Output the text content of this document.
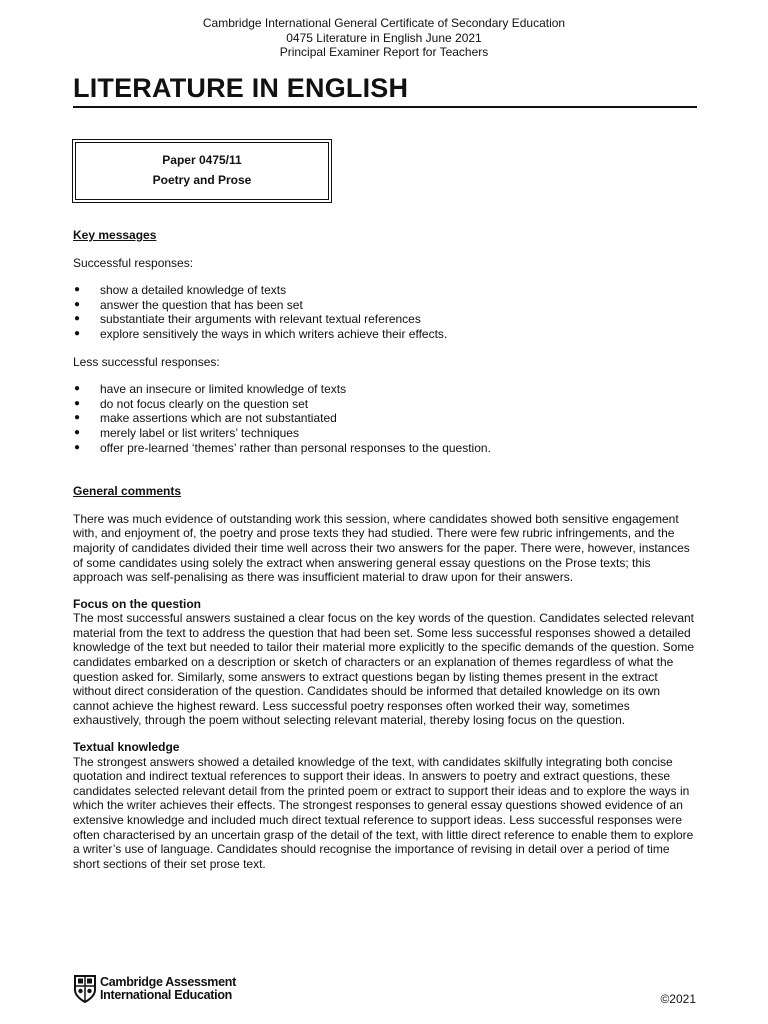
Cambridge International General Certificate of Secondary Education
0475 Literature in English June 2021
Principal Examiner Report for Teachers
LITERATURE IN ENGLISH
Paper 0475/11
Poetry and Prose

Key messages

Successful responses:

● show a detailed knowledge of texts
● answer the question that has been set
● substantiate their arguments with relevant textual references
● explore sensitively the ways in which writers achieve their effects.

Less successful responses:

● have an insecure or limited knowledge of texts
● do not focus clearly on the question set
● make assertions which are not substantiated
● merely label or list writers’ techniques
● offer pre-learned ‘themes’ rather than personal responses to the question.

General comments

There was much evidence of outstanding work this session, where candidates showed both sensitive engagement with, and enjoyment of, the poetry and prose texts they had studied. There were few rubric infringements, and the majority of candidates divided their time well across their two answers for the paper. There were, however, instances of some candidates using solely the extract when answering general essay questions on the Prose texts; this approach was self-penalising as there was insufficient material to draw upon for their answers.

Focus on the question

The most successful answers sustained a clear focus on the key words of the question. Candidates selected relevant material from the text to address the question that had been set. Some less successful responses showed a detailed knowledge of the text but needed to tailor their material more explicitly to the specific demands of the question. Some candidates embarked on a description or sketch of characters or an explanation of themes regardless of what the question asked for. Similarly, some answers to extract questions began by listing themes present in the extract without direct consideration of the question. Candidates should be informed that detailed knowledge on its own cannot achieve the highest reward. Less successful poetry responses often worked their way, sometimes exhaustively, through the poem without selecting relevant material, thereby losing focus on the question.

Textual knowledge

The strongest answers showed a detailed knowledge of the text, with candidates skilfully integrating both concise quotation and indirect textual references to support their ideas. In answers to poetry and extract questions, these candidates selected relevant detail from the printed poem or extract to support their ideas and to explore the ways in which the writer achieves their effects. The strongest responses to general essay questions showed evidence of an extensive knowledge and included much direct textual reference to support ideas. Less successful responses were often characterised by an uncertain grasp of the detail of the text, with little direct reference to enable them to explore a writer’s use of language. Candidates should recognise the importance of revising in detail over a period of time short sections of their set prose text.

Cambridge Assessment
International Education	©2021
